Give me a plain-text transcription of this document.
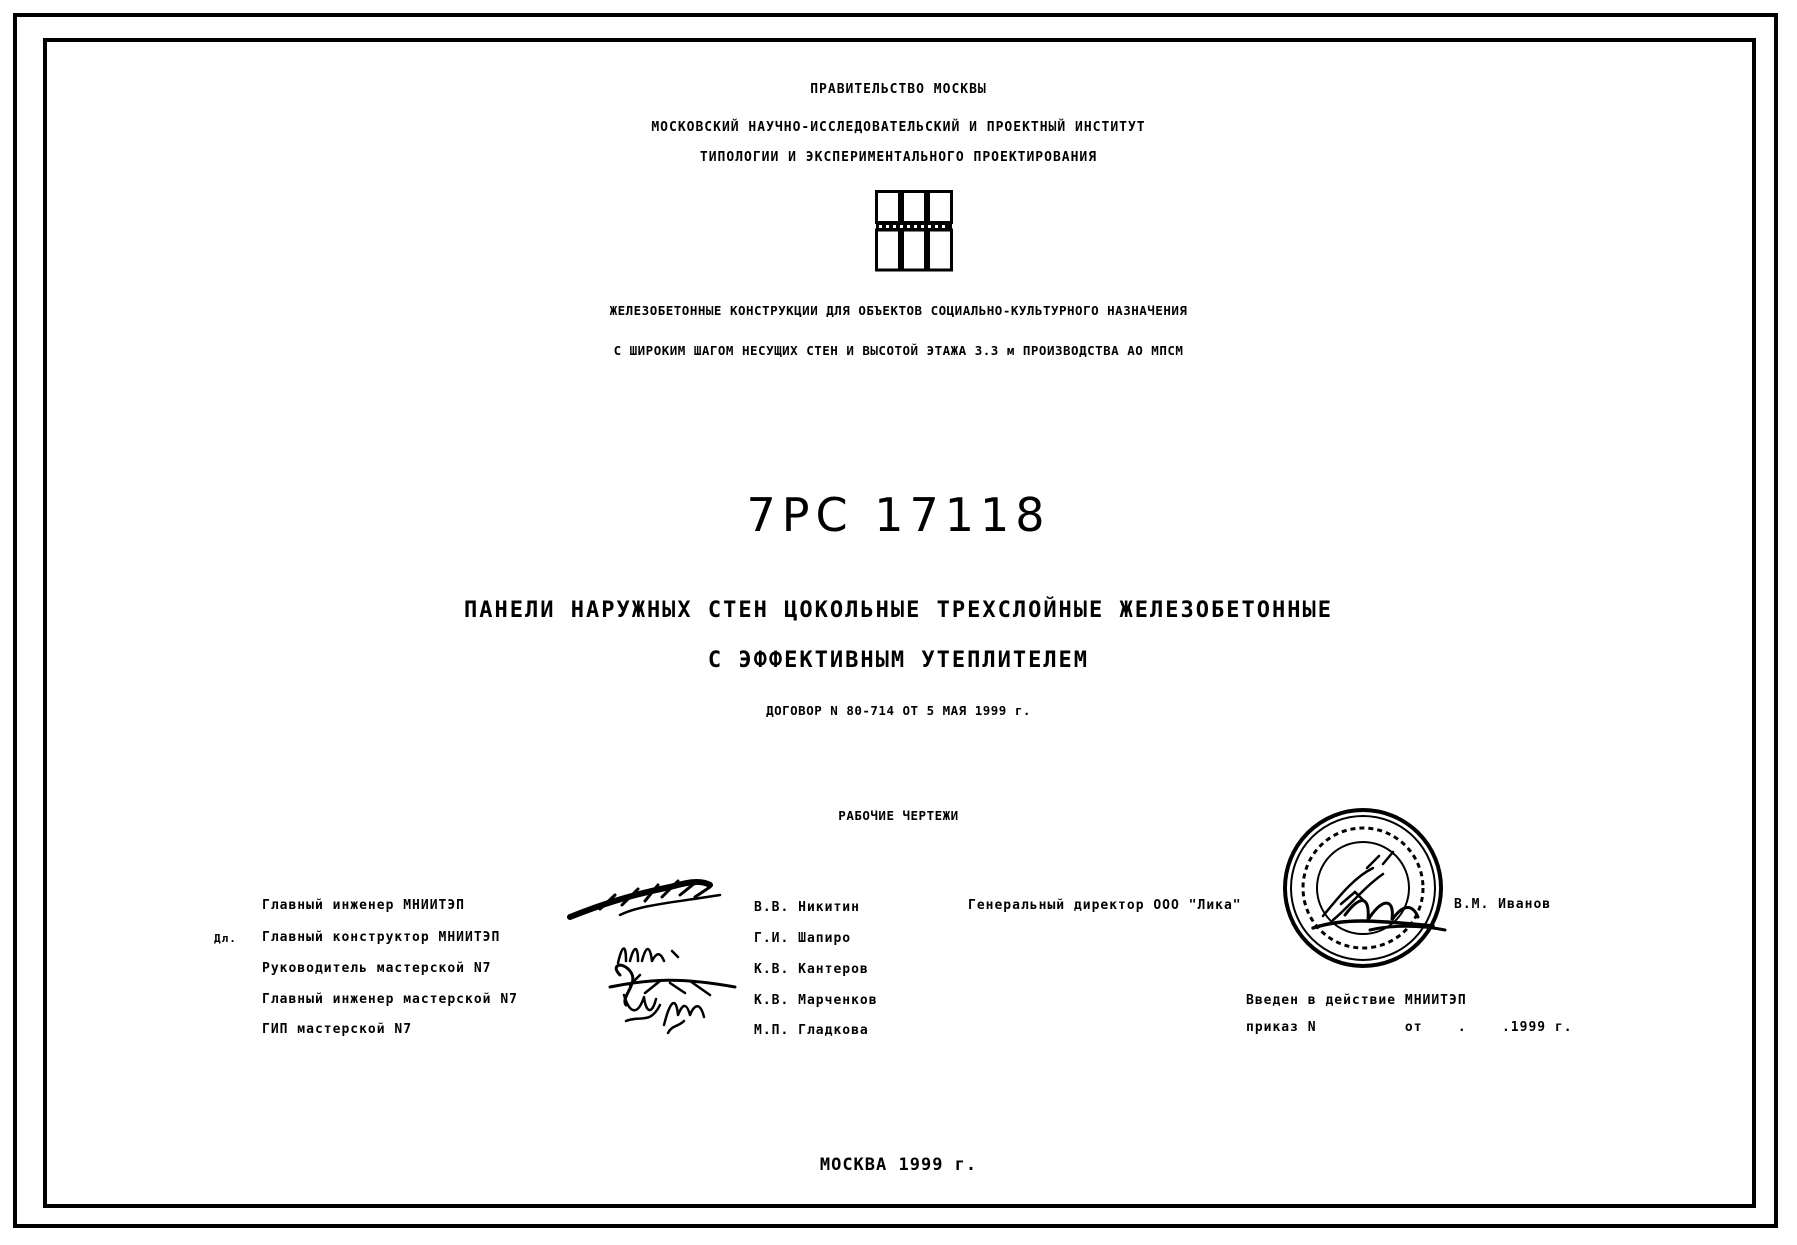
ПРАВИТЕЛЬСТВО МОСКВЫ
МОСКОВСКИЙ НАУЧНО-ИССЛЕДОВАТЕЛЬСКИЙ И ПРОЕКТНЫЙ ИНСТИТУТ
ТИПОЛОГИИ И ЭКСПЕРИМЕНТАЛЬНОГО ПРОЕКТИРОВАНИЯ
ЖЕЛЕЗОБЕТОННЫЕ КОНСТРУКЦИИ ДЛЯ ОБЪЕКТОВ СОЦИАЛЬНО-КУЛЬТУРНОГО НАЗНАЧЕНИЯ
С ШИРОКИМ ШАГОМ НЕСУЩИХ СТЕН И ВЫСОТОЙ ЭТАЖА 3.3 м ПРОИЗВОДСТВА АО МПСМ
7РС 17118
ПАНЕЛИ НАРУЖНЫХ СТЕН ЦОКОЛЬНЫЕ ТРЕХСЛОЙНЫЕ ЖЕЛЕЗОБЕТОННЫЕ
С ЭФФЕКТИВНЫМ УТЕПЛИТЕЛЕМ
ДОГОВОР N 80-714 ОТ 5 МАЯ 1999 г.
РАБОЧИЕ ЧЕРТЕЖИ
Дл.
Главный инженер МНИИТЭП
Главный конструктор МНИИТЭП
Руководитель мастерской N7
Главный инженер мастерской N7
ГИП мастерской N7
В.В. Никитин
Г.И. Шапиро
К.В. Кантеров
К.В. Марченков
М.П. Гладкова
Генеральный директор ООО "Лика"	В.М. Иванов
Введен в действие МНИИТЭП
приказ N          от    .    .1999 г.
МОСКВА 1999 г.
